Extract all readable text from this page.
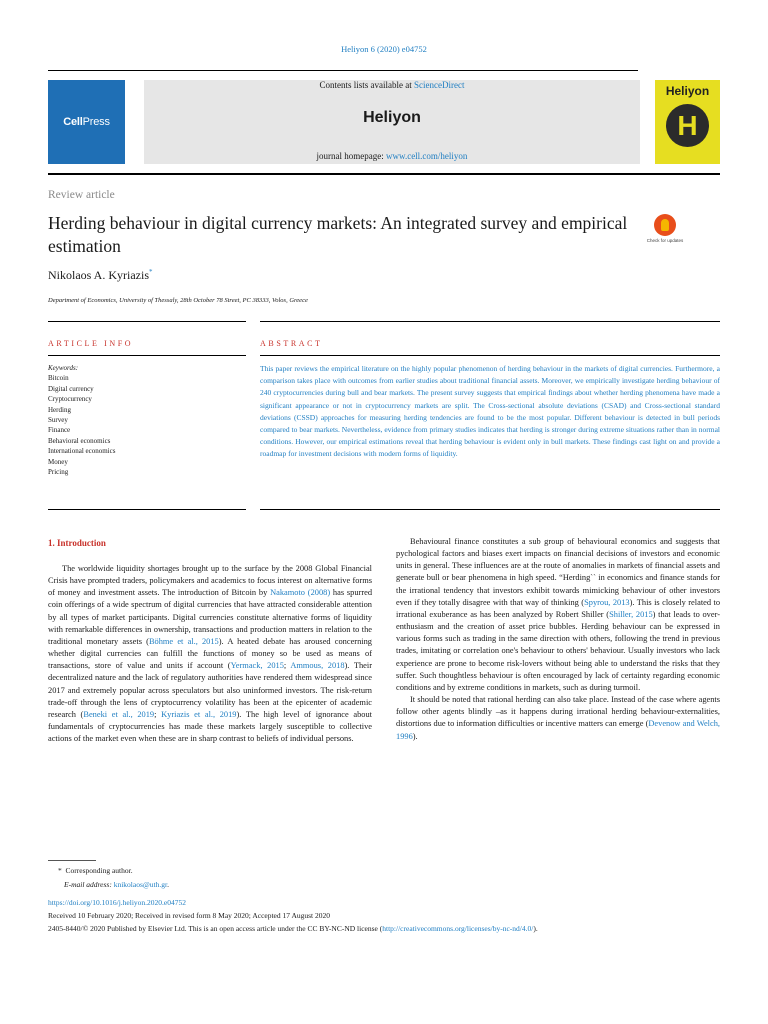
Heliyon 6 (2020) e04752
Cell Press
Contents lists available at ScienceDirect
Heliyon
journal homepage: www.cell.com/heliyon
Heliyon
H
Review article
Herding behaviour in digital currency markets: An integrated survey and empirical estimation	Check for updates
Nikolaos A. Kyriazis*
Department of Economics, University of Thessaly, 28th October 78 Street, PC 38333, Volos, Greece
ARTICLE INFO	ABSTRACT
Keywords:
Bitcoin
Digital currency
Cryptocurrency
Herding
Survey
Finance
Behavioral economics
International economics
Money
Pricing
This paper reviews the empirical literature on the highly popular phenomenon of herding behaviour in the markets of digital currencies. Furthermore, a comparison takes place with outcomes from earlier studies about traditional financial assets. Moreover, we empirically investigate herding behaviour of 240 cryptocurrencies during bull and bear markets. The present survey suggests that empirical findings about whether herding phenomena have made a significant appearance or not in cryptocurrency markets are split. The Cross-sectional absolute deviations (CSAD) and Cross-sectional standard deviations (CSSD) approaches for measuring herding tendencies are found to be the most popular. Different behaviour is detected in bull periods compared to bear markets. Nevertheless, evidence from primary studies indicates that herding is stronger during extreme situations rather than in normal conditions. However, our empirical estimations reveal that herding behaviour is evident only in bull markets. These findings cast light on and provide a roadmap for investment decisions with modern forms of liquidity.
1. Introduction

The worldwide liquidity shortages brought up to the surface by the 2008 Global Financial Crisis have prompted traders, policymakers and academics to focus interest on alternative forms of money and investment assets. The introduction of Bitcoin by Nakamoto (2008) has spurred coin offerings of a wide spectrum of digital currencies that have attracted considerable attention by all types of market participants. Digital currencies constitute alternative forms of liquidity with remarkable differences in ownership, transactions and production matters in relation to the traditional monetary assets (Böhme et al., 2015). A heated debate has aroused concerning whether digital currencies can fulfill the functions of money so be used as means of transactions, store of value and units if account (Yermack, 2015; Ammous, 2018). Their decentralized nature and the lack of regulatory authorities have rendered them widespread since 2017 and extremely popular across speculators but also uninformed investors. The risk-return trade-off through the lens of cryptocurrency volatility has been at the epicenter of academic research (Beneki et al., 2019; Kyriazis et al., 2019). The high level of ignorance about fundamentals of cryptocurrencies has made these markets largely susceptible to collective actions of the market even when these are in sharp contrast to beliefs of individual persons.

Behavioural finance constitutes a sub group of behavioural economics and suggests that pychological factors and biases exert impacts on financial decisions of investors and economic units in general. These influences are at the route of anomalies in markets of financial assets and generate bull or bear phenomena in high speed. “Herding`` in economics and finance stands for the irrational tendency that investors exhibit towards mimicking behaviour of other investors even if they totally disagree with that way of thinking (Spyrou, 2013). This is closely related to irrational exuberance as has been analyzed by Robert Shiller (Shiller, 2015) that leads to over-enthusiasm and the creation of asset price bubbles. Herding behaviour can be expressed in various forms such as trading in the same direction with others, following the trend in previous trades, imitating or correlation one's behaviour to others' behaviour. Usually investors who lack experience are prone to become risk-lovers without being able to understand the risks that they suffer. Such thoughtless behaviour is often encouraged by lack of certainty regarding economic conditions and by extreme conditions in markets, such as during turmoil.

It should be noted that rational herding can also take place. Instead of the case where agents follow other agents blindly –as it happens during irrational herding behaviour-externalities, distortions due to information difficulties or incentive matters can emerge (Devenow and Welch, 1996).

* Corresponding author.
E-mail address: knikolaos@uth.gr.
https://doi.org/10.1016/j.heliyon.2020.e04752
Received 10 February 2020; Received in revised form 8 May 2020; Accepted 17 August 2020
2405-8440/© 2020 Published by Elsevier Ltd. This is an open access article under the CC BY-NC-ND license (http://creativecommons.org/licenses/by-nc-nd/4.0/).
